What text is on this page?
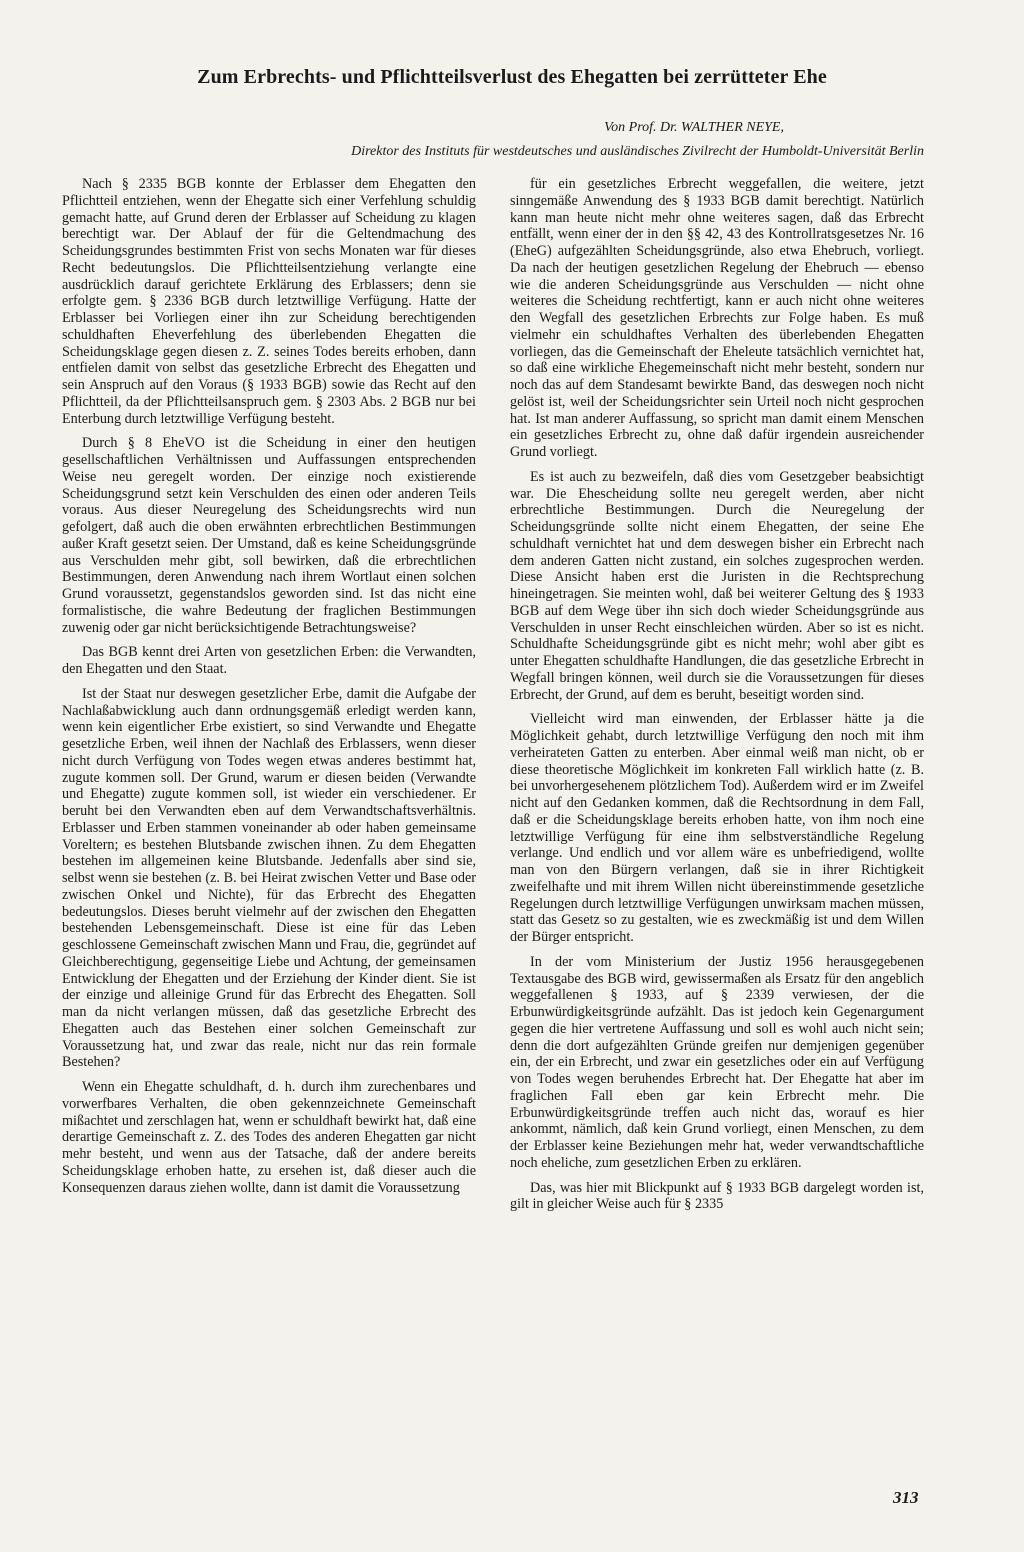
Zum Erbrechts- und Pflichtteilsverlust des Ehegatten bei zerrütteter Ehe
Von Prof. Dr. WALTHER NEYE,
Direktor des Instituts für westdeutsches und ausländisches Zivilrecht der Humboldt-Universität Berlin

Nach § 2335 BGB konnte der Erblasser dem Ehegatten den Pflichtteil entziehen, wenn der Ehegatte sich einer Verfehlung schuldig gemacht hatte, auf Grund deren der Erblasser auf Scheidung zu klagen berechtigt war. Der Ablauf der für die Geltendmachung des Scheidungsgrundes bestimmten Frist von sechs Monaten war für dieses Recht bedeutungslos. Die Pflichtteilsentziehung verlangte eine ausdrücklich darauf gerichtete Erklärung des Erblassers; denn sie erfolgte gem. § 2336 BGB durch letztwillige Verfügung. Hatte der Erblasser bei Vorliegen einer ihn zur Scheidung berechtigenden schuldhaften Eheverfehlung des überlebenden Ehegatten die Scheidungsklage gegen diesen z. Z. seines Todes bereits erhoben, dann entfielen damit von selbst das gesetzliche Erbrecht des Ehegatten und sein Anspruch auf den Voraus (§ 1933 BGB) sowie das Recht auf den Pflichtteil, da der Pflichtteilsanspruch gem. § 2303 Abs. 2 BGB nur bei Enterbung durch letztwillige Verfügung besteht.

Durch § 8 EheVO ist die Scheidung in einer den heutigen gesellschaftlichen Verhältnissen und Auffassungen entsprechenden Weise neu geregelt worden. Der einzige noch existierende Scheidungsgrund setzt kein Verschulden des einen oder anderen Teils voraus. Aus dieser Neuregelung des Scheidungsrechts wird nun gefolgert, daß auch die oben erwähnten erbrechtlichen Bestimmungen außer Kraft gesetzt seien. Der Umstand, daß es keine Scheidungsgründe aus Verschulden mehr gibt, soll bewirken, daß die erbrechtlichen Bestimmungen, deren Anwendung nach ihrem Wortlaut einen solchen Grund voraussetzt, gegenstandslos geworden sind. Ist das nicht eine formalistische, die wahre Bedeutung der fraglichen Bestimmungen zuwenig oder gar nicht berücksichtigende Betrachtungsweise?

Das BGB kennt drei Arten von gesetzlichen Erben: die Verwandten, den Ehegatten und den Staat.

Ist der Staat nur deswegen gesetzlicher Erbe, damit die Aufgabe der Nachlaßabwicklung auch dann ordnungsgemäß erledigt werden kann, wenn kein eigentlicher Erbe existiert, so sind Verwandte und Ehegatte gesetzliche Erben, weil ihnen der Nachlaß des Erblassers, wenn dieser nicht durch Verfügung von Todes wegen etwas anderes bestimmt hat, zugute kommen soll. Der Grund, warum er diesen beiden (Verwandte und Ehegatte) zugute kommen soll, ist wieder ein verschiedener. Er beruht bei den Verwandten eben auf dem Verwandtschaftsverhältnis. Erblasser und Erben stammen voneinander ab oder haben gemeinsame Voreltern; es bestehen Blutsbande zwischen ihnen. Zu dem Ehegatten bestehen im allgemeinen keine Blutsbande. Jedenfalls aber sind sie, selbst wenn sie bestehen (z. B. bei Heirat zwischen Vetter und Base oder zwischen Onkel und Nichte), für das Erbrecht des Ehegatten bedeutungslos. Dieses beruht vielmehr auf der zwischen den Ehegatten bestehenden Lebensgemeinschaft. Diese ist eine für das Leben geschlossene Gemeinschaft zwischen Mann und Frau, die, gegründet auf Gleichberechtigung, gegenseitige Liebe und Achtung, der gemeinsamen Entwicklung der Ehegatten und der Erziehung der Kinder dient. Sie ist der einzige und alleinige Grund für das Erbrecht des Ehegatten. Soll man da nicht verlangen müssen, daß das gesetzliche Erbrecht des Ehegatten auch das Bestehen einer solchen Gemeinschaft zur Voraussetzung hat, und zwar das reale, nicht nur das rein formale Bestehen?

Wenn ein Ehegatte schuldhaft, d. h. durch ihm zurechenbares und vorwerfbares Verhalten, die oben gekennzeichnete Gemeinschaft mißachtet und zerschlagen hat, wenn er schuldhaft bewirkt hat, daß eine derartige Gemeinschaft z. Z. des Todes des anderen Ehegatten gar nicht mehr besteht, und wenn aus der Tatsache, daß der andere bereits Scheidungsklage erhoben hatte, zu ersehen ist, daß dieser auch die Konsequenzen daraus ziehen wollte, dann ist damit die Voraussetzung

für ein gesetzliches Erbrecht weggefallen, die weitere, jetzt sinngemäße Anwendung des § 1933 BGB damit berechtigt. Natürlich kann man heute nicht mehr ohne weiteres sagen, daß das Erbrecht entfällt, wenn einer der in den §§ 42, 43 des Kontrollratsgesetzes Nr. 16 (EheG) aufgezählten Scheidungsgründe, also etwa Ehebruch, vorliegt. Da nach der heutigen gesetzlichen Regelung der Ehebruch — ebenso wie die anderen Scheidungsgründe aus Verschulden — nicht ohne weiteres die Scheidung rechtfertigt, kann er auch nicht ohne weiteres den Wegfall des gesetzlichen Erbrechts zur Folge haben. Es muß vielmehr ein schuldhaftes Verhalten des überlebenden Ehegatten vorliegen, das die Gemeinschaft der Eheleute tatsächlich vernichtet hat, so daß eine wirkliche Ehegemeinschaft nicht mehr besteht, sondern nur noch das auf dem Standesamt bewirkte Band, das deswegen noch nicht gelöst ist, weil der Scheidungsrichter sein Urteil noch nicht gesprochen hat. Ist man anderer Auffassung, so spricht man damit einem Menschen ein gesetzliches Erbrecht zu, ohne daß dafür irgendein ausreichender Grund vorliegt.

Es ist auch zu bezweifeln, daß dies vom Gesetzgeber beabsichtigt war. Die Ehescheidung sollte neu geregelt werden, aber nicht erbrechtliche Bestimmungen. Durch die Neuregelung der Scheidungsgründe sollte nicht einem Ehegatten, der seine Ehe schuldhaft vernichtet hat und dem deswegen bisher ein Erbrecht nach dem anderen Gatten nicht zustand, ein solches zugesprochen werden. Diese Ansicht haben erst die Juristen in die Rechtsprechung hineingetragen. Sie meinten wohl, daß bei weiterer Geltung des § 1933 BGB auf dem Wege über ihn sich doch wieder Scheidungsgründe aus Verschulden in unser Recht einschleichen würden. Aber so ist es nicht. Schuldhafte Scheidungsgründe gibt es nicht mehr; wohl aber gibt es unter Ehegatten schuldhafte Handlungen, die das gesetzliche Erbrecht in Wegfall bringen können, weil durch sie die Voraussetzungen für dieses Erbrecht, der Grund, auf dem es beruht, beseitigt worden sind.

Vielleicht wird man einwenden, der Erblasser hätte ja die Möglichkeit gehabt, durch letztwillige Verfügung den noch mit ihm verheirateten Gatten zu enterben. Aber einmal weiß man nicht, ob er diese theoretische Möglichkeit im konkreten Fall wirklich hatte (z. B. bei unvorhergesehenem plötzlichem Tod). Außerdem wird er im Zweifel nicht auf den Gedanken kommen, daß die Rechtsordnung in dem Fall, daß er die Scheidungsklage bereits erhoben hatte, von ihm noch eine letztwillige Verfügung für eine ihm selbstverständliche Regelung verlange. Und endlich und vor allem wäre es unbefriedigend, wollte man von den Bürgern verlangen, daß sie in ihrer Richtigkeit zweifelhafte und mit ihrem Willen nicht übereinstimmende gesetzliche Regelungen durch letztwillige Verfügungen unwirksam machen müssen, statt das Gesetz so zu gestalten, wie es zweckmäßig ist und dem Willen der Bürger entspricht.

In der vom Ministerium der Justiz 1956 herausgegebenen Textausgabe des BGB wird, gewissermaßen als Ersatz für den angeblich weggefallenen § 1933, auf § 2339 verwiesen, der die Erbunwürdigkeitsgründe aufzählt. Das ist jedoch kein Gegenargument gegen die hier vertretene Auffassung und soll es wohl auch nicht sein; denn die dort aufgezählten Gründe greifen nur demjenigen gegenüber ein, der ein Erbrecht, und zwar ein gesetzliches oder ein auf Verfügung von Todes wegen beruhendes Erbrecht hat. Der Ehegatte hat aber im fraglichen Fall eben gar kein Erbrecht mehr. Die Erbunwürdigkeitsgründe treffen auch nicht das, worauf es hier ankommt, nämlich, daß kein Grund vorliegt, einen Menschen, zu dem der Erblasser keine Beziehungen mehr hat, weder verwandtschaftliche noch eheliche, zum gesetzlichen Erben zu erklären.

Das, was hier mit Blickpunkt auf § 1933 BGB dargelegt worden ist, gilt in gleicher Weise auch für § 2335

313
